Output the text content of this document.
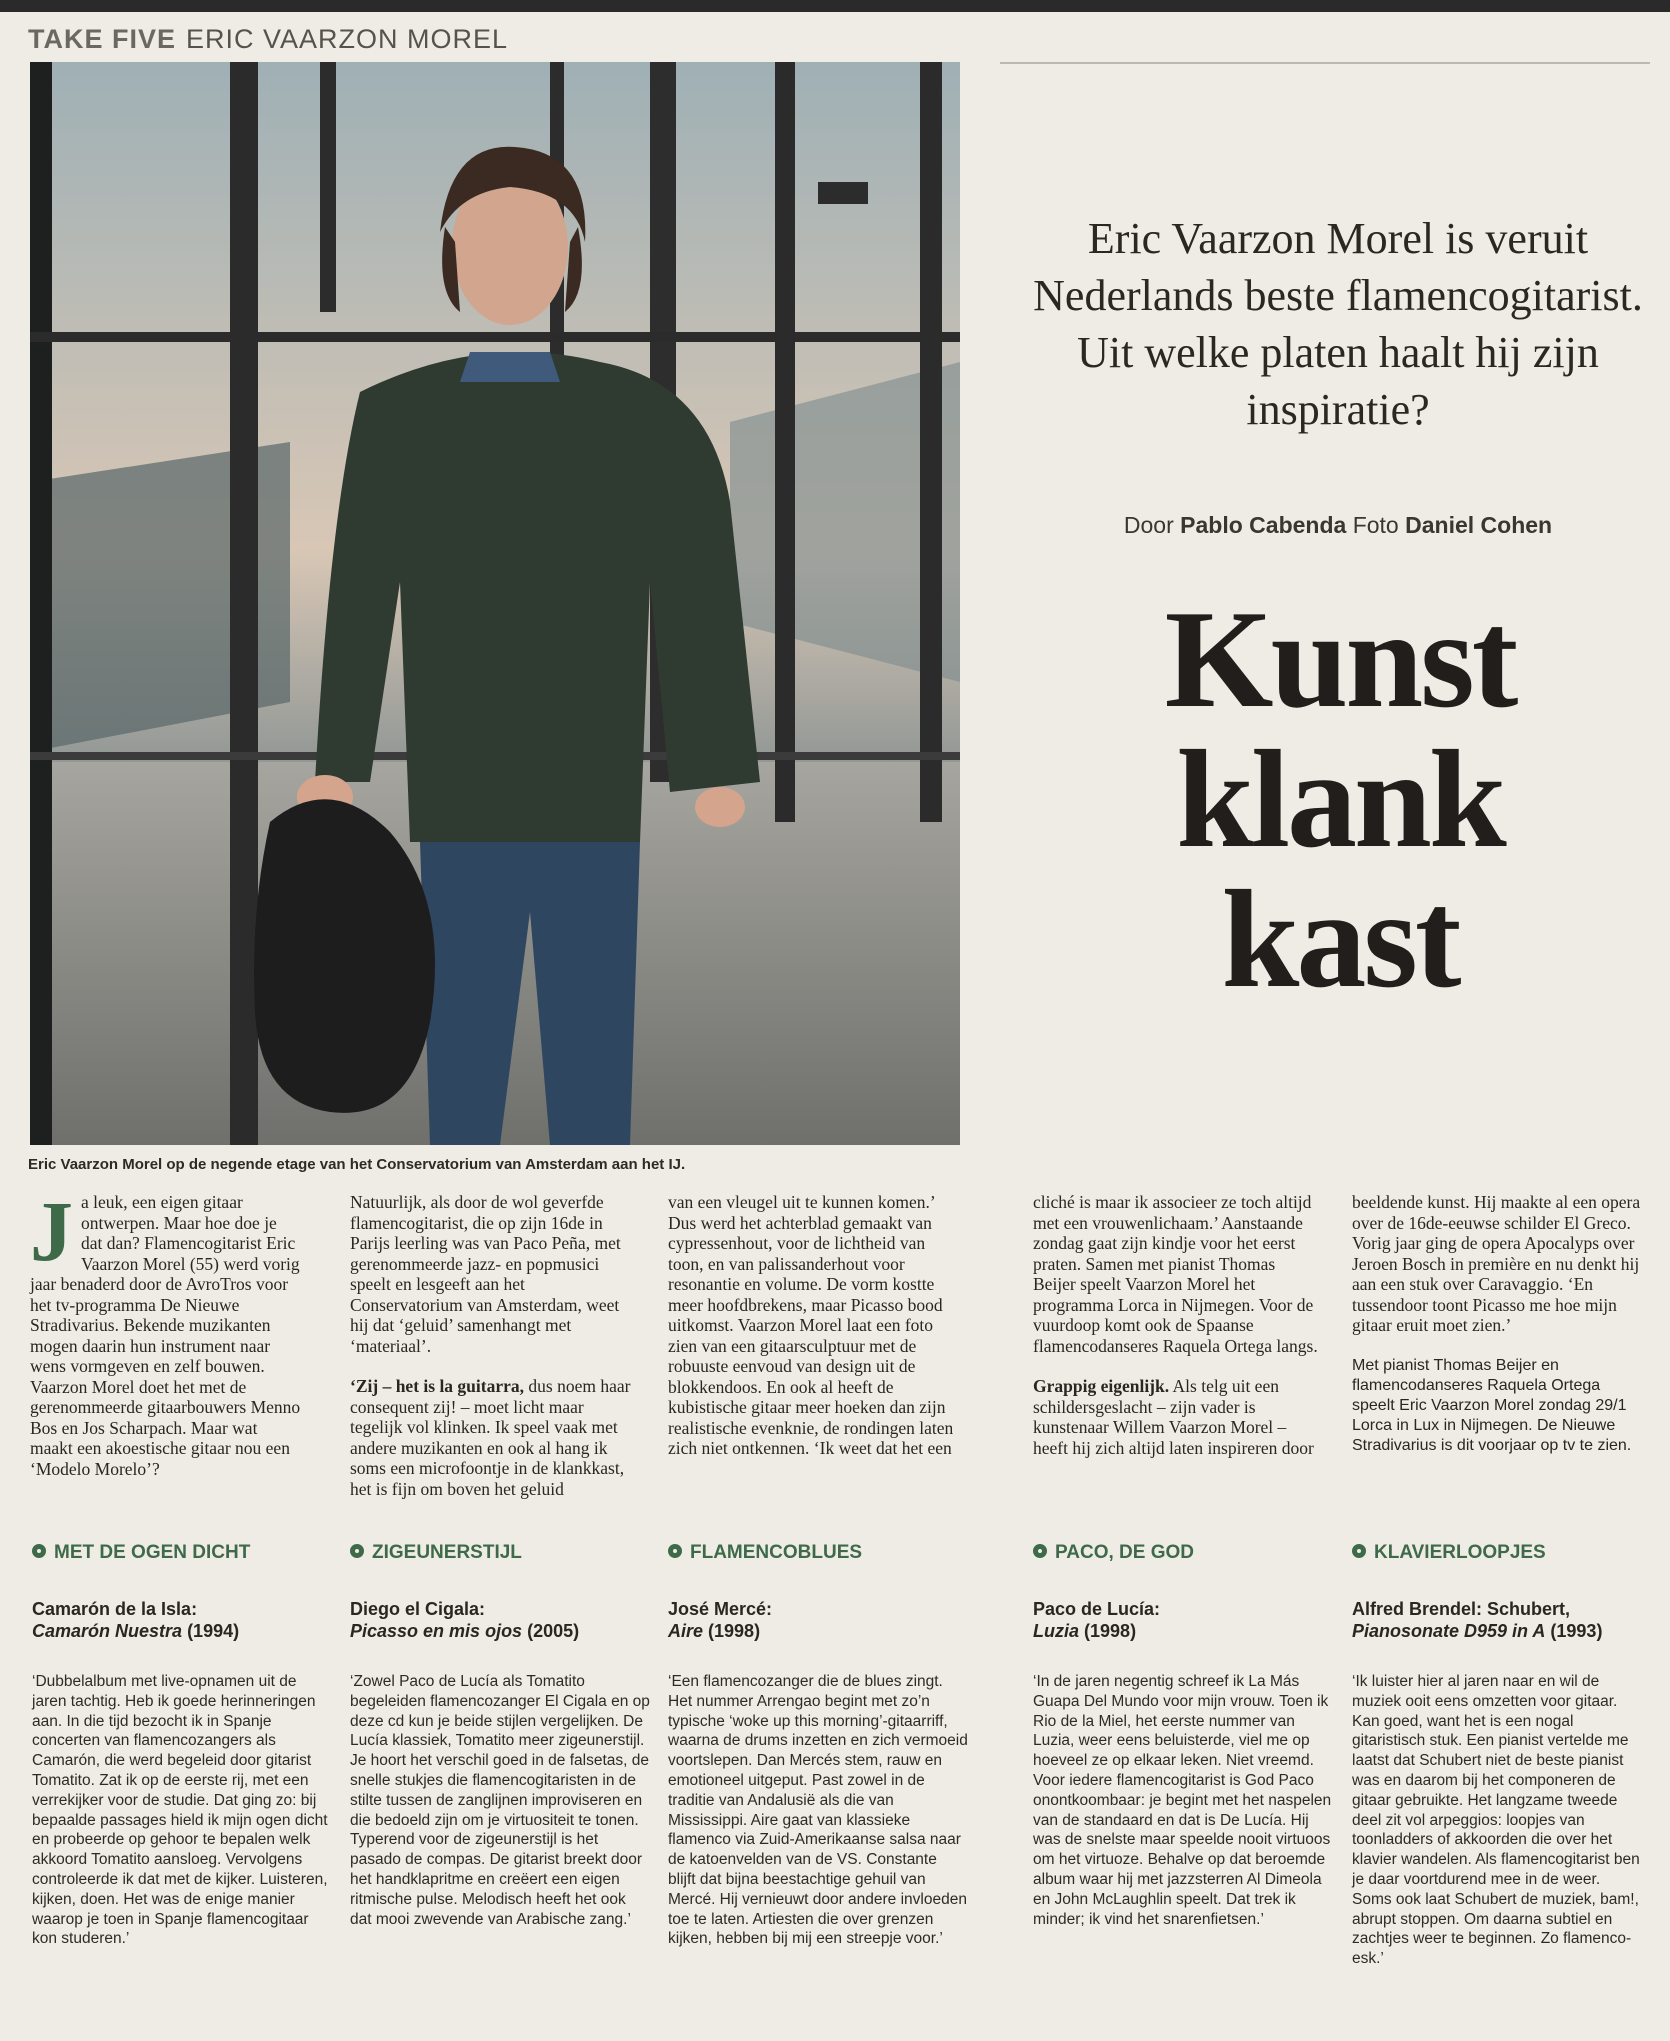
TAKE FIVE ERIC VAARZON MOREL
Eric Vaarzon Morel op de negende etage van het Conservatorium van Amsterdam aan het IJ.
Eric Vaarzon Morel is veruit Nederlands beste flamencogitarist. Uit welke platen haalt hij zijn inspiratie?
Door Pablo Cabenda Foto Daniel Cohen
Kunst
klank
kast

Ja leuk, een eigen gitaar ontwerpen. Maar hoe doe je dat dan? Flamencogitarist Eric Vaarzon Morel (55) werd vorig jaar benaderd door de AvroTros voor het tv-programma De Nieuwe Stradivarius. Bekende muzikanten mogen daarin hun instrument naar wens vormgeven en zelf bouwen. Vaarzon Morel doet het met de gerenommeerde gitaarbouwers Menno Bos en Jos Scharpach. Maar wat maakt een akoestische gitaar nou een ‘Modelo Morelo’?

Natuurlijk, als door de wol geverfde flamencogitarist, die op zijn 16de in Parijs leerling was van Paco Peña, met gerenommeerde jazz- en popmusici speelt en lesgeeft aan het Conservatorium van Amsterdam, weet hij dat ‘geluid’ samenhangt met ‘materiaal’.

‘Zij – het is la guitarra, dus noem haar consequent zij! – moet licht maar tegelijk vol klinken. Ik speel vaak met andere muzikanten en ook al hang ik soms een microfoontje in de klankkast, het is fijn om boven het geluid

van een vleugel uit te kunnen komen.’ Dus werd het achterblad gemaakt van cypressenhout, voor de lichtheid van toon, en van palissanderhout voor resonantie en volume. De vorm kostte meer hoofdbrekens, maar Picasso bood uitkomst. Vaarzon Morel laat een foto zien van een gitaarsculptuur met de robuuste eenvoud van design uit de blokkendoos. En ook al heeft de kubistische gitaar meer hoeken dan zijn realistische evenknie, de rondingen laten zich niet ontkennen. ‘Ik weet dat het een

cliché is maar ik associeer ze toch altijd met een vrouwenlichaam.’ Aanstaande zondag gaat zijn kindje voor het eerst praten. Samen met pianist Thomas Beijer speelt Vaarzon Morel het programma Lorca in Nijmegen. Voor de vuurdoop komt ook de Spaanse flamencodanseres Raquela Ortega langs.

Grappig eigenlijk. Als telg uit een schildersgeslacht – zijn vader is kunstenaar Willem Vaarzon Morel – heeft hij zich altijd laten inspireren door

beeldende kunst. Hij maakte al een opera over de 16de-eeuwse schilder El Greco. Vorig jaar ging de opera Apocalyps over Jeroen Bosch in première en nu denkt hij aan een stuk over Caravaggio. ‘En tussendoor toont Picasso me hoe mijn gitaar eruit moet zien.’

Met pianist Thomas Beijer en flamencodanseres Raquela Ortega speelt Eric Vaarzon Morel zondag 29/1 Lorca in Lux in Nijmegen. De Nieuwe Stradivarius is dit voorjaar op tv te zien.

MET DE OGEN DICHT
Camarón de la Isla:
Camarón Nuestra (1994)
‘Dubbelalbum met live-opnamen uit de jaren tachtig. Heb ik goede herinneringen aan. In die tijd bezocht ik in Spanje concerten van flamencozangers als Camarón, die werd begeleid door gitarist Tomatito. Zat ik op de eerste rij, met een verrekijker voor de studie. Dat ging zo: bij bepaalde passages hield ik mijn ogen dicht en probeerde op gehoor te bepalen welk akkoord Tomatito aansloeg. Vervolgens controleerde ik dat met de kijker. Luisteren, kijken, doen. Het was de enige manier waarop je toen in Spanje flamencogitaar kon studeren.’
ZIGEUNERSTIJL
Diego el Cigala:
Picasso en mis ojos (2005)
‘Zowel Paco de Lucía als Tomatito begeleiden flamencozanger El Cigala en op deze cd kun je beide stijlen vergelijken. De Lucía klassiek, Tomatito meer zigeunerstijl. Je hoort het verschil goed in de falsetas, de snelle stukjes die flamencogitaristen in de stilte tussen de zanglijnen improviseren en die bedoeld zijn om je virtuositeit te tonen. Typerend voor de zigeunerstijl is het pasado de compas. De gitarist breekt door het handklapritme en creëert een eigen ritmische pulse. Melodisch heeft het ook dat mooi zwevende van Arabische zang.’
FLAMENCOBLUES
José Mercé:
Aire (1998)
‘Een flamencozanger die de blues zingt. Het nummer Arrengao begint met zo’n typische ‘woke up this morning’-gitaarriff, waarna de drums inzetten en zich vermoeid voortslepen. Dan Mercés stem, rauw en emotioneel uitgeput. Past zowel in de traditie van Andalusië als die van Mississippi. Aire gaat van klassieke flamenco via Zuid-Amerikaanse salsa naar de katoenvelden van de VS. Constante blijft dat bijna beestachtige gehuil van Mercé. Hij vernieuwt door andere invloeden toe te laten. Artiesten die over grenzen kijken, hebben bij mij een streepje voor.’
PACO, DE GOD
Paco de Lucía:
Luzia (1998)
‘In de jaren negentig schreef ik La Más Guapa Del Mundo voor mijn vrouw. Toen ik Rio de la Miel, het eerste nummer van Luzia, weer eens beluisterde, viel me op hoeveel ze op elkaar leken. Niet vreemd. Voor iedere flamencogitarist is God Paco onontkoombaar: je begint met het naspelen van de standaard en dat is De Lucía. Hij was de snelste maar speelde nooit virtuoos om het virtuoze. Behalve op dat beroemde album waar hij met jazzsterren Al Dimeola en John McLaughlin speelt. Dat trek ik minder; ik vind het snarenfietsen.’
KLAVIERLOOPJES
Alfred Brendel: Schubert,
Pianosonate D959 in A (1993)
‘Ik luister hier al jaren naar en wil de muziek ooit eens omzetten voor gitaar. Kan goed, want het is een nogal gitaristisch stuk. Een pianist vertelde me laatst dat Schubert niet de beste pianist was en daarom bij het componeren de gitaar gebruikte. Het langzame tweede deel zit vol arpeggios: loopjes van toonladders of akkoorden die over het klavier wandelen. Als flamencogitarist ben je daar voortdurend mee in de weer. Soms ook laat Schubert de muziek, bam!, abrupt stoppen. Om daarna subtiel en zachtjes weer te beginnen. Zo flamenco-esk.’
